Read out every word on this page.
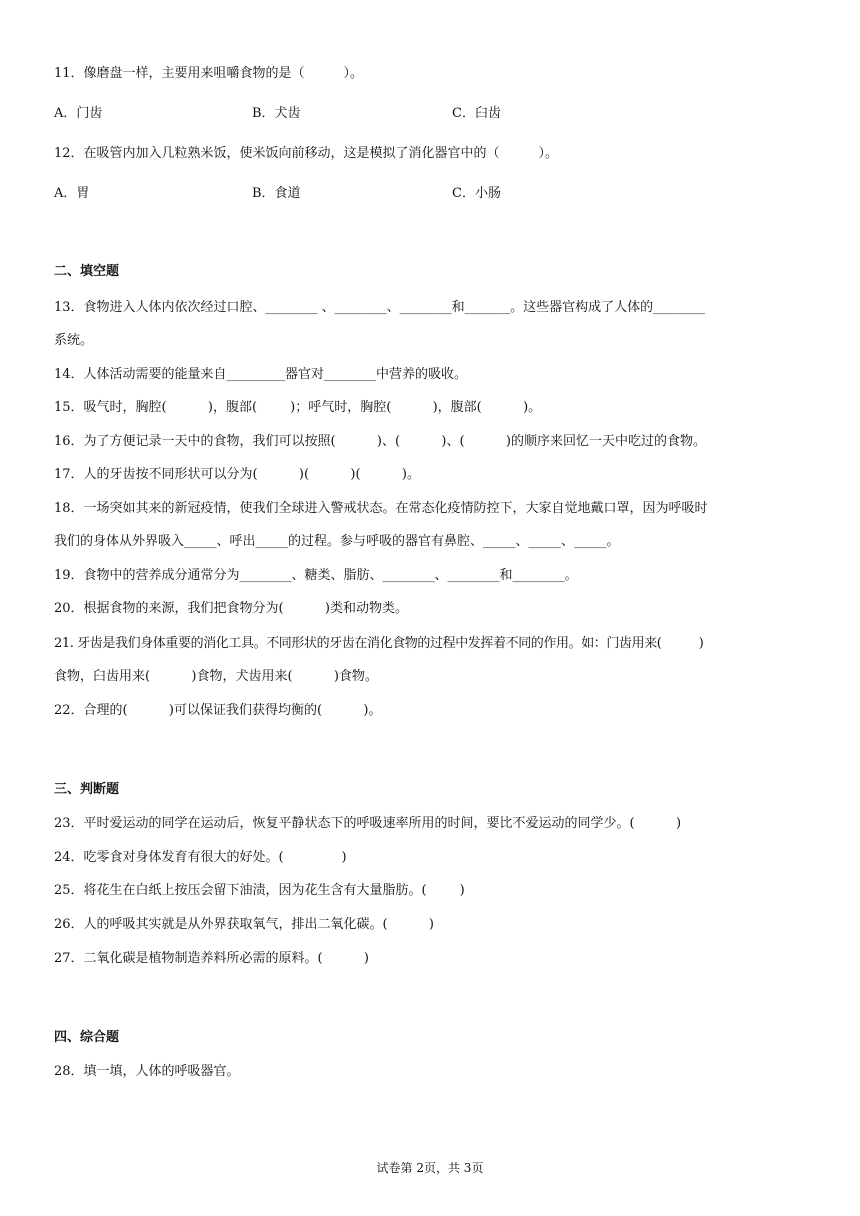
11．像磨盘一样，主要用来咀嚼食物的是（　　　）。
A．门齿	B．犬齿	C．臼齿
12．在吸管内加入几粒熟米饭，使米饭向前移动，这是模拟了消化器官中的（　　　）。
A．胃	B．食道	C．小肠
二、填空题
13．食物进入人体内依次经过口腔、________ 、________、________和_______。这些器官构成了人体的________
系统。
14．人体活动需要的能量来自_________器官对________中营养的吸收。
15．吸气时，胸腔(          )，腹部(        )；呼气时，胸腔(          )，腹部(          )。
16．为了方便记录一天中的食物，我们可以按照(          )、(          )、(          )的顺序来回忆一天中吃过的食物。
17．人的牙齿按不同形状可以分为(          )(          )(          )。
18．一场突如其来的新冠疫情，使我们全球进入警戒状态。在常态化疫情防控下，大家自觉地戴口罩，因为呼吸时
我们的身体从外界吸入_____、呼出_____的过程。参与呼吸的器官有鼻腔、_____、_____、_____。
19．食物中的营养成分通常分为________、糖类、脂肪、________、________和________。
20．根据食物的来源，我们把食物分为(          )类和动物类。
21. 牙齿是我们身体重要的消化工具。不同形状的牙齿在消化食物的过程中发挥着不同的作用。如：门齿用来(          )
食物，臼齿用来(          )食物，犬齿用来(          )食物。
22．合理的(          )可以保证我们获得均衡的(          )。
三、判断题
23．平时爱运动的同学在运动后，恢复平静状态下的呼吸速率所用的时间，要比不爱运动的同学少。(          )
24．吃零食对身体发育有很大的好处。(              )
25．将花生在白纸上按压会留下油渍，因为花生含有大量脂肪。(        )
26．人的呼吸其实就是从外界获取氧气，排出二氧化碳。(          )
27．二氧化碳是植物制造养料所必需的原料。(          )
四、综合题
28．填一填，人体的呼吸器官。
试卷第 2页，共 3页
